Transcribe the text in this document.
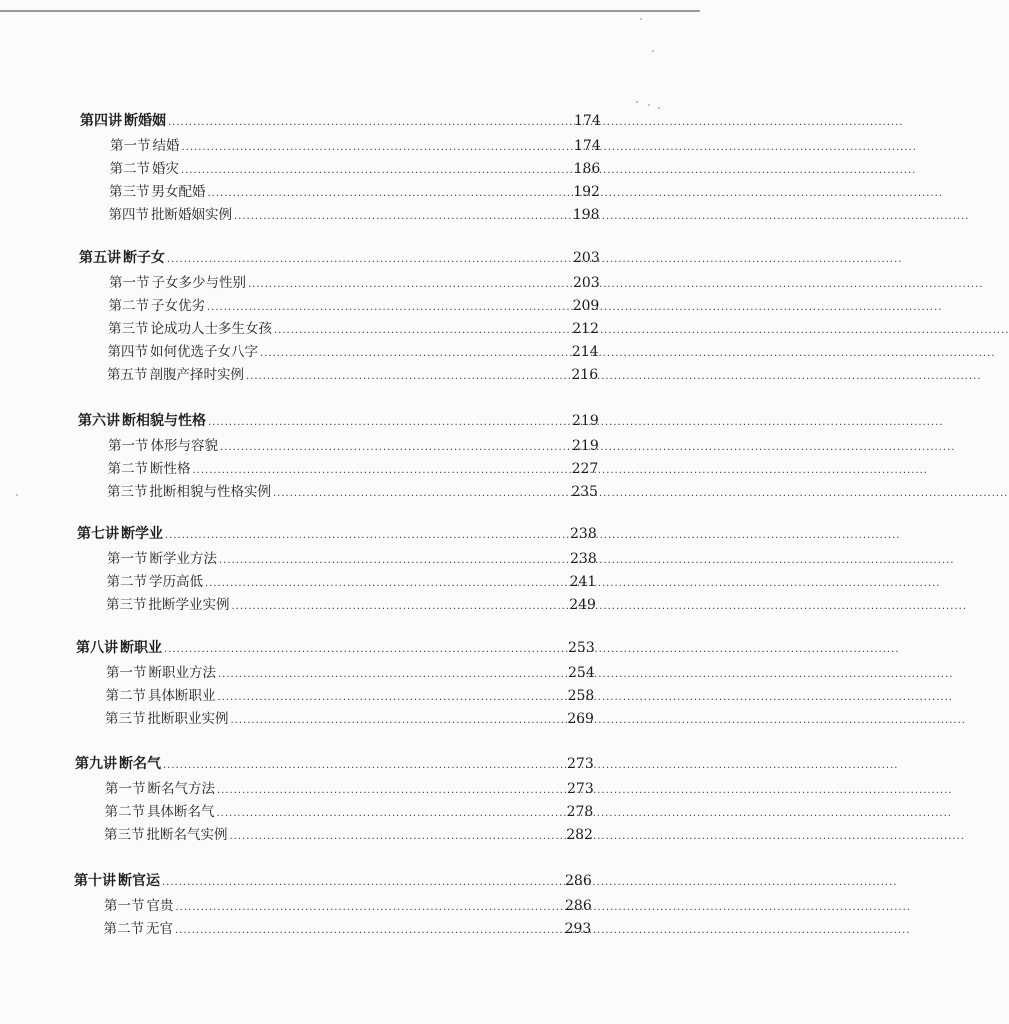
第四讲 断婚姻 .....	174
第一节 结婚 .....	174
第二节 婚灾 .....	186
第三节 男女配婚 .....	192
第四节 批断婚姻实例 .....	198
第五讲 断子女 .....	203
第一节 子女多少与性别 .....	203
第二节 子女优劣 .....	209
第三节 论成功人士多生女孩 .....	212
第四节 如何优选子女八字 .....	214
第五节 剖腹产择时实例 .....	216
第六讲 断相貌与性格 .....	219
第一节 体形与容貌 .....	219
第二节 断性格 .....	227
第三节 批断相貌与性格实例 .....	235
第七讲 断学业 .....	238
第一节 断学业方法 .....	238
第二节 学历高低 .....	241
第三节 批断学业实例 .....	249
第八讲 断职业 .....	253
第一节 断职业方法 .....	254
第二节 具体断职业 .....	258
第三节 批断职业实例 .....	269
第九讲 断名气 .....	273
第一节 断名气方法 .....	273
第二节 具体断名气 .....	278
第三节 批断名气实例 .....	282
第十讲 断官运 .....	286
第一节 官贵 .....	286
第二节 无官 .....	293
